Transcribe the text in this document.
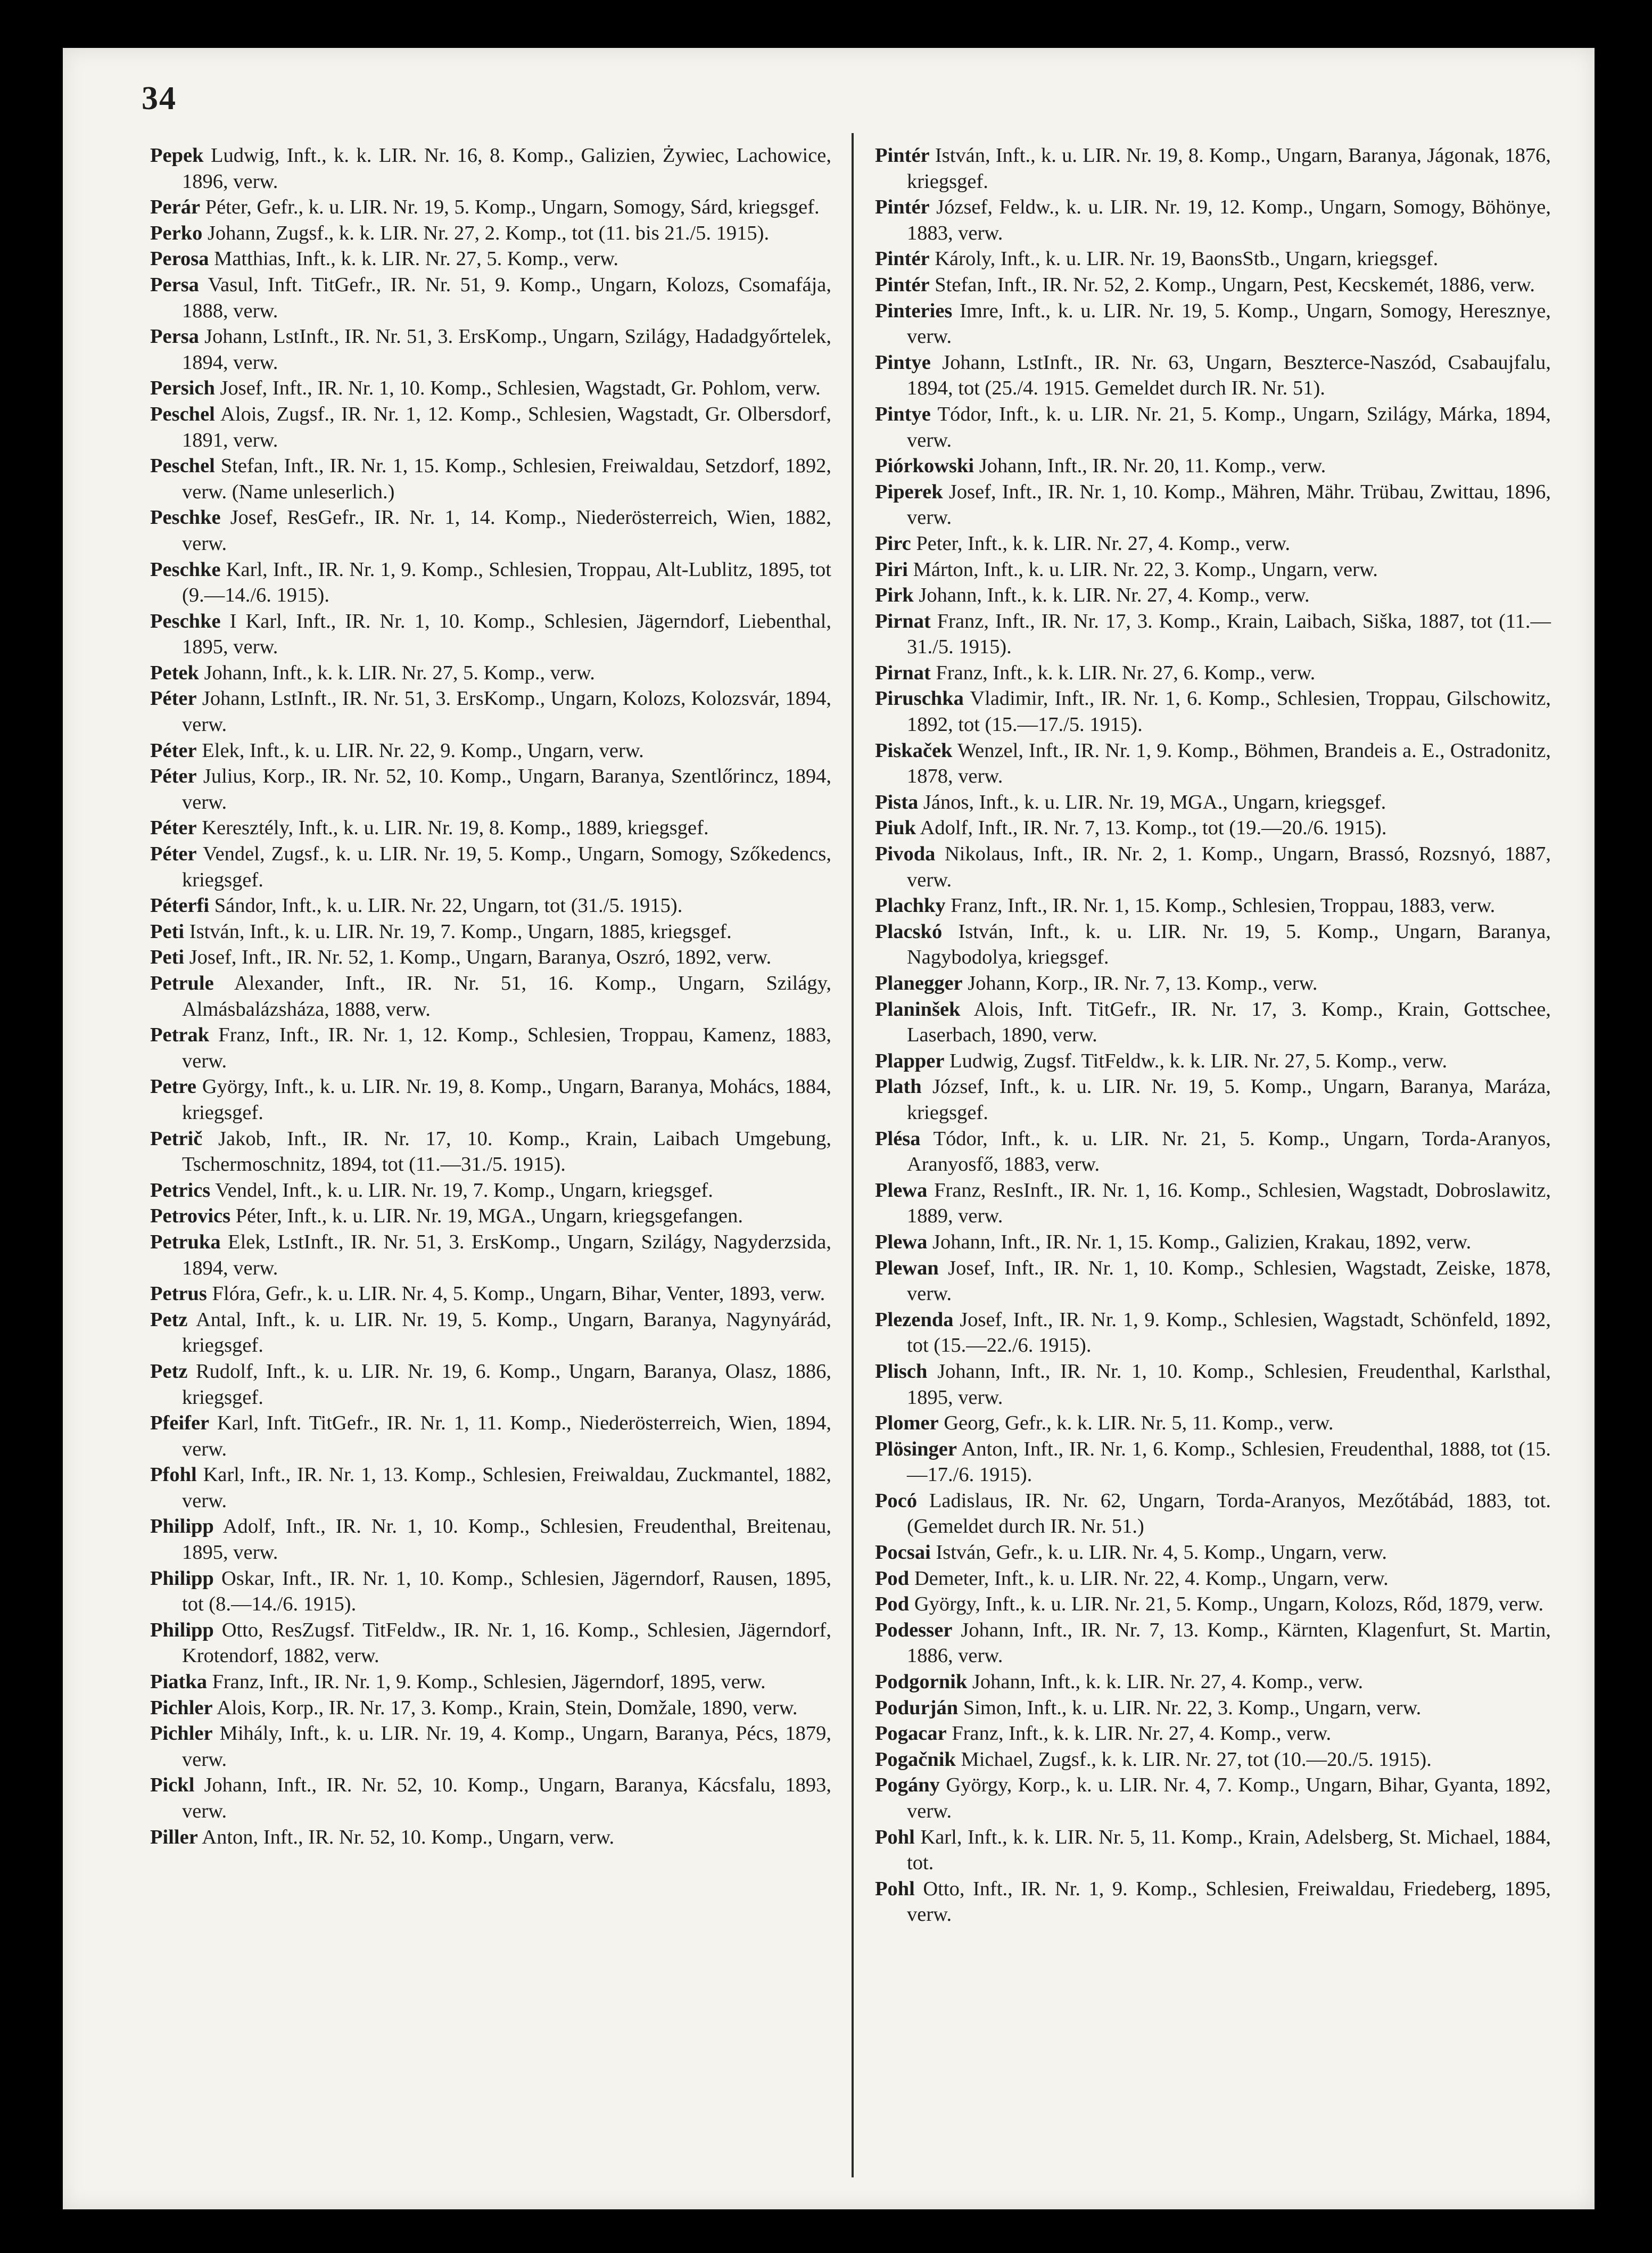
34
Pepek Ludwig, Inft., k. k. LIR. Nr. 16, 8. Komp., Galizien, Żywiec, Lachowice, 1896, verw.
Perár Péter, Gefr., k. u. LIR. Nr. 19, 5. Komp., Ungarn, Somogy, Sárd, kriegsgef.
Perko Johann, Zugsf., k. k. LIR. Nr. 27, 2. Komp., tot (11. bis 21./5. 1915).
Perosa Matthias, Inft., k. k. LIR. Nr. 27, 5. Komp., verw.
Persa Vasul, Inft. TitGefr., IR. Nr. 51, 9. Komp., Ungarn, Kolozs, Csomafája, 1888, verw.
Persa Johann, LstInft., IR. Nr. 51, 3. ErsKomp., Ungarn, Szilágy, Hadadgyőrtelek, 1894, verw.
Persich Josef, Inft., IR. Nr. 1, 10. Komp., Schlesien, Wagstadt, Gr. Pohlom, verw.
Peschel Alois, Zugsf., IR. Nr. 1, 12. Komp., Schlesien, Wagstadt, Gr. Olbersdorf, 1891, verw.
Peschel Stefan, Inft., IR. Nr. 1, 15. Komp., Schlesien, Freiwaldau, Setzdorf, 1892, verw. (Name unleserlich.)
Peschke Josef, ResGefr., IR. Nr. 1, 14. Komp., Niederösterreich, Wien, 1882, verw.
Peschke Karl, Inft., IR. Nr. 1, 9. Komp., Schlesien, Troppau, Alt-Lublitz, 1895, tot (9.—14./6. 1915).
Peschke I Karl, Inft., IR. Nr. 1, 10. Komp., Schlesien, Jägerndorf, Liebenthal, 1895, verw.
Petek Johann, Inft., k. k. LIR. Nr. 27, 5. Komp., verw.
Péter Johann, LstInft., IR. Nr. 51, 3. ErsKomp., Ungarn, Kolozs, Kolozsvár, 1894, verw.
Péter Elek, Inft., k. u. LIR. Nr. 22, 9. Komp., Ungarn, verw.
Péter Julius, Korp., IR. Nr. 52, 10. Komp., Ungarn, Baranya, Szentlőrincz, 1894, verw.
Péter Keresztély, Inft., k. u. LIR. Nr. 19, 8. Komp., 1889, kriegsgef.
Péter Vendel, Zugsf., k. u. LIR. Nr. 19, 5. Komp., Ungarn, Somogy, Szőkedencs, kriegsgef.
Péterfi Sándor, Inft., k. u. LIR. Nr. 22, Ungarn, tot (31./5. 1915).
Peti István, Inft., k. u. LIR. Nr. 19, 7. Komp., Ungarn, 1885, kriegsgef.
Peti Josef, Inft., IR. Nr. 52, 1. Komp., Ungarn, Baranya, Oszró, 1892, verw.
Petrule Alexander, Inft., IR. Nr. 51, 16. Komp., Ungarn, Szilágy, Almásbalázsháza, 1888, verw.
Petrak Franz, Inft., IR. Nr. 1, 12. Komp., Schlesien, Troppau, Kamenz, 1883, verw.
Petre György, Inft., k. u. LIR. Nr. 19, 8. Komp., Ungarn, Baranya, Mohács, 1884, kriegsgef.
Petrič Jakob, Inft., IR. Nr. 17, 10. Komp., Krain, Laibach Umgebung, Tschermoschnitz, 1894, tot (11.—31./5. 1915).
Petrics Vendel, Inft., k. u. LIR. Nr. 19, 7. Komp., Ungarn, kriegsgef.
Petrovics Péter, Inft., k. u. LIR. Nr. 19, MGA., Ungarn, kriegsgefangen.
Petruka Elek, LstInft., IR. Nr. 51, 3. ErsKomp., Ungarn, Szilágy, Nagyderzsida, 1894, verw.
Petrus Flóra, Gefr., k. u. LIR. Nr. 4, 5. Komp., Ungarn, Bihar, Venter, 1893, verw.
Petz Antal, Inft., k. u. LIR. Nr. 19, 5. Komp., Ungarn, Baranya, Nagynyárád, kriegsgef.
Petz Rudolf, Inft., k. u. LIR. Nr. 19, 6. Komp., Ungarn, Baranya, Olasz, 1886, kriegsgef.
Pfeifer Karl, Inft. TitGefr., IR. Nr. 1, 11. Komp., Niederösterreich, Wien, 1894, verw.
Pfohl Karl, Inft., IR. Nr. 1, 13. Komp., Schlesien, Freiwaldau, Zuckmantel, 1882, verw.
Philipp Adolf, Inft., IR. Nr. 1, 10. Komp., Schlesien, Freudenthal, Breitenau, 1895, verw.
Philipp Oskar, Inft., IR. Nr. 1, 10. Komp., Schlesien, Jägerndorf, Rausen, 1895, tot (8.—14./6. 1915).
Philipp Otto, ResZugsf. TitFeldw., IR. Nr. 1, 16. Komp., Schlesien, Jägerndorf, Krotendorf, 1882, verw.
Piatka Franz, Inft., IR. Nr. 1, 9. Komp., Schlesien, Jägerndorf, 1895, verw.
Pichler Alois, Korp., IR. Nr. 17, 3. Komp., Krain, Stein, Domžale, 1890, verw.
Pichler Mihály, Inft., k. u. LIR. Nr. 19, 4. Komp., Ungarn, Baranya, Pécs, 1879, verw.
Pickl Johann, Inft., IR. Nr. 52, 10. Komp., Ungarn, Baranya, Kácsfalu, 1893, verw.
Piller Anton, Inft., IR. Nr. 52, 10. Komp., Ungarn, verw.
Pintér István, Inft., k. u. LIR. Nr. 19, 8. Komp., Ungarn, Baranya, Jágonak, 1876, kriegsgef.
Pintér József, Feldw., k. u. LIR. Nr. 19, 12. Komp., Ungarn, Somogy, Böhönye, 1883, verw.
Pintér Károly, Inft., k. u. LIR. Nr. 19, BaonsStb., Ungarn, kriegsgef.
Pintér Stefan, Inft., IR. Nr. 52, 2. Komp., Ungarn, Pest, Kecskemét, 1886, verw.
Pinteries Imre, Inft., k. u. LIR. Nr. 19, 5. Komp., Ungarn, Somogy, Heresznye, verw.
Pintye Johann, LstInft., IR. Nr. 63, Ungarn, Beszterce-Naszód, Csabaujfalu, 1894, tot (25./4. 1915. Gemeldet durch IR. Nr. 51).
Pintye Tódor, Inft., k. u. LIR. Nr. 21, 5. Komp., Ungarn, Szilágy, Márka, 1894, verw.
Piórkowski Johann, Inft., IR. Nr. 20, 11. Komp., verw.
Piperek Josef, Inft., IR. Nr. 1, 10. Komp., Mähren, Mähr. Trübau, Zwittau, 1896, verw.
Pirc Peter, Inft., k. k. LIR. Nr. 27, 4. Komp., verw.
Piri Márton, Inft., k. u. LIR. Nr. 22, 3. Komp., Ungarn, verw.
Pirk Johann, Inft., k. k. LIR. Nr. 27, 4. Komp., verw.
Pirnat Franz, Inft., IR. Nr. 17, 3. Komp., Krain, Laibach, Siška, 1887, tot (11.—31./5. 1915).
Pirnat Franz, Inft., k. k. LIR. Nr. 27, 6. Komp., verw.
Piruschka Vladimir, Inft., IR. Nr. 1, 6. Komp., Schlesien, Troppau, Gilschowitz, 1892, tot (15.—17./5. 1915).
Piskaček Wenzel, Inft., IR. Nr. 1, 9. Komp., Böhmen, Brandeis a. E., Ostradonitz, 1878, verw.
Pista János, Inft., k. u. LIR. Nr. 19, MGA., Ungarn, kriegsgef.
Piuk Adolf, Inft., IR. Nr. 7, 13. Komp., tot (19.—20./6. 1915).
Pivoda Nikolaus, Inft., IR. Nr. 2, 1. Komp., Ungarn, Brassó, Rozsnyó, 1887, verw.
Plachky Franz, Inft., IR. Nr. 1, 15. Komp., Schlesien, Troppau, 1883, verw.
Placskó István, Inft., k. u. LIR. Nr. 19, 5. Komp., Ungarn, Baranya, Nagybodolya, kriegsgef.
Planegger Johann, Korp., IR. Nr. 7, 13. Komp., verw.
Planinšek Alois, Inft. TitGefr., IR. Nr. 17, 3. Komp., Krain, Gottschee, Laserbach, 1890, verw.
Plapper Ludwig, Zugsf. TitFeldw., k. k. LIR. Nr. 27, 5. Komp., verw.
Plath József, Inft., k. u. LIR. Nr. 19, 5. Komp., Ungarn, Baranya, Maráza, kriegsgef.
Plésa Tódor, Inft., k. u. LIR. Nr. 21, 5. Komp., Ungarn, Torda-Aranyos, Aranyosfő, 1883, verw.
Plewa Franz, ResInft., IR. Nr. 1, 16. Komp., Schlesien, Wagstadt, Dobroslawitz, 1889, verw.
Plewa Johann, Inft., IR. Nr. 1, 15. Komp., Galizien, Krakau, 1892, verw.
Plewan Josef, Inft., IR. Nr. 1, 10. Komp., Schlesien, Wagstadt, Zeiske, 1878, verw.
Plezenda Josef, Inft., IR. Nr. 1, 9. Komp., Schlesien, Wagstadt, Schönfeld, 1892, tot (15.—22./6. 1915).
Plisch Johann, Inft., IR. Nr. 1, 10. Komp., Schlesien, Freudenthal, Karlsthal, 1895, verw.
Plomer Georg, Gefr., k. k. LIR. Nr. 5, 11. Komp., verw.
Plösinger Anton, Inft., IR. Nr. 1, 6. Komp., Schlesien, Freudenthal, 1888, tot (15.—17./6. 1915).
Pocó Ladislaus, IR. Nr. 62, Ungarn, Torda-Aranyos, Mezőtábád, 1883, tot. (Gemeldet durch IR. Nr. 51.)
Pocsai István, Gefr., k. u. LIR. Nr. 4, 5. Komp., Ungarn, verw.
Pod Demeter, Inft., k. u. LIR. Nr. 22, 4. Komp., Ungarn, verw.
Pod György, Inft., k. u. LIR. Nr. 21, 5. Komp., Ungarn, Kolozs, Rőd, 1879, verw.
Podesser Johann, Inft., IR. Nr. 7, 13. Komp., Kärnten, Klagenfurt, St. Martin, 1886, verw.
Podgornik Johann, Inft., k. k. LIR. Nr. 27, 4. Komp., verw.
Podurján Simon, Inft., k. u. LIR. Nr. 22, 3. Komp., Ungarn, verw.
Pogacar Franz, Inft., k. k. LIR. Nr. 27, 4. Komp., verw.
Pogačnik Michael, Zugsf., k. k. LIR. Nr. 27, tot (10.—20./5. 1915).
Pogány György, Korp., k. u. LIR. Nr. 4, 7. Komp., Ungarn, Bihar, Gyanta, 1892, verw.
Pohl Karl, Inft., k. k. LIR. Nr. 5, 11. Komp., Krain, Adelsberg, St. Michael, 1884, tot.
Pohl Otto, Inft., IR. Nr. 1, 9. Komp., Schlesien, Freiwaldau, Friedeberg, 1895, verw.
